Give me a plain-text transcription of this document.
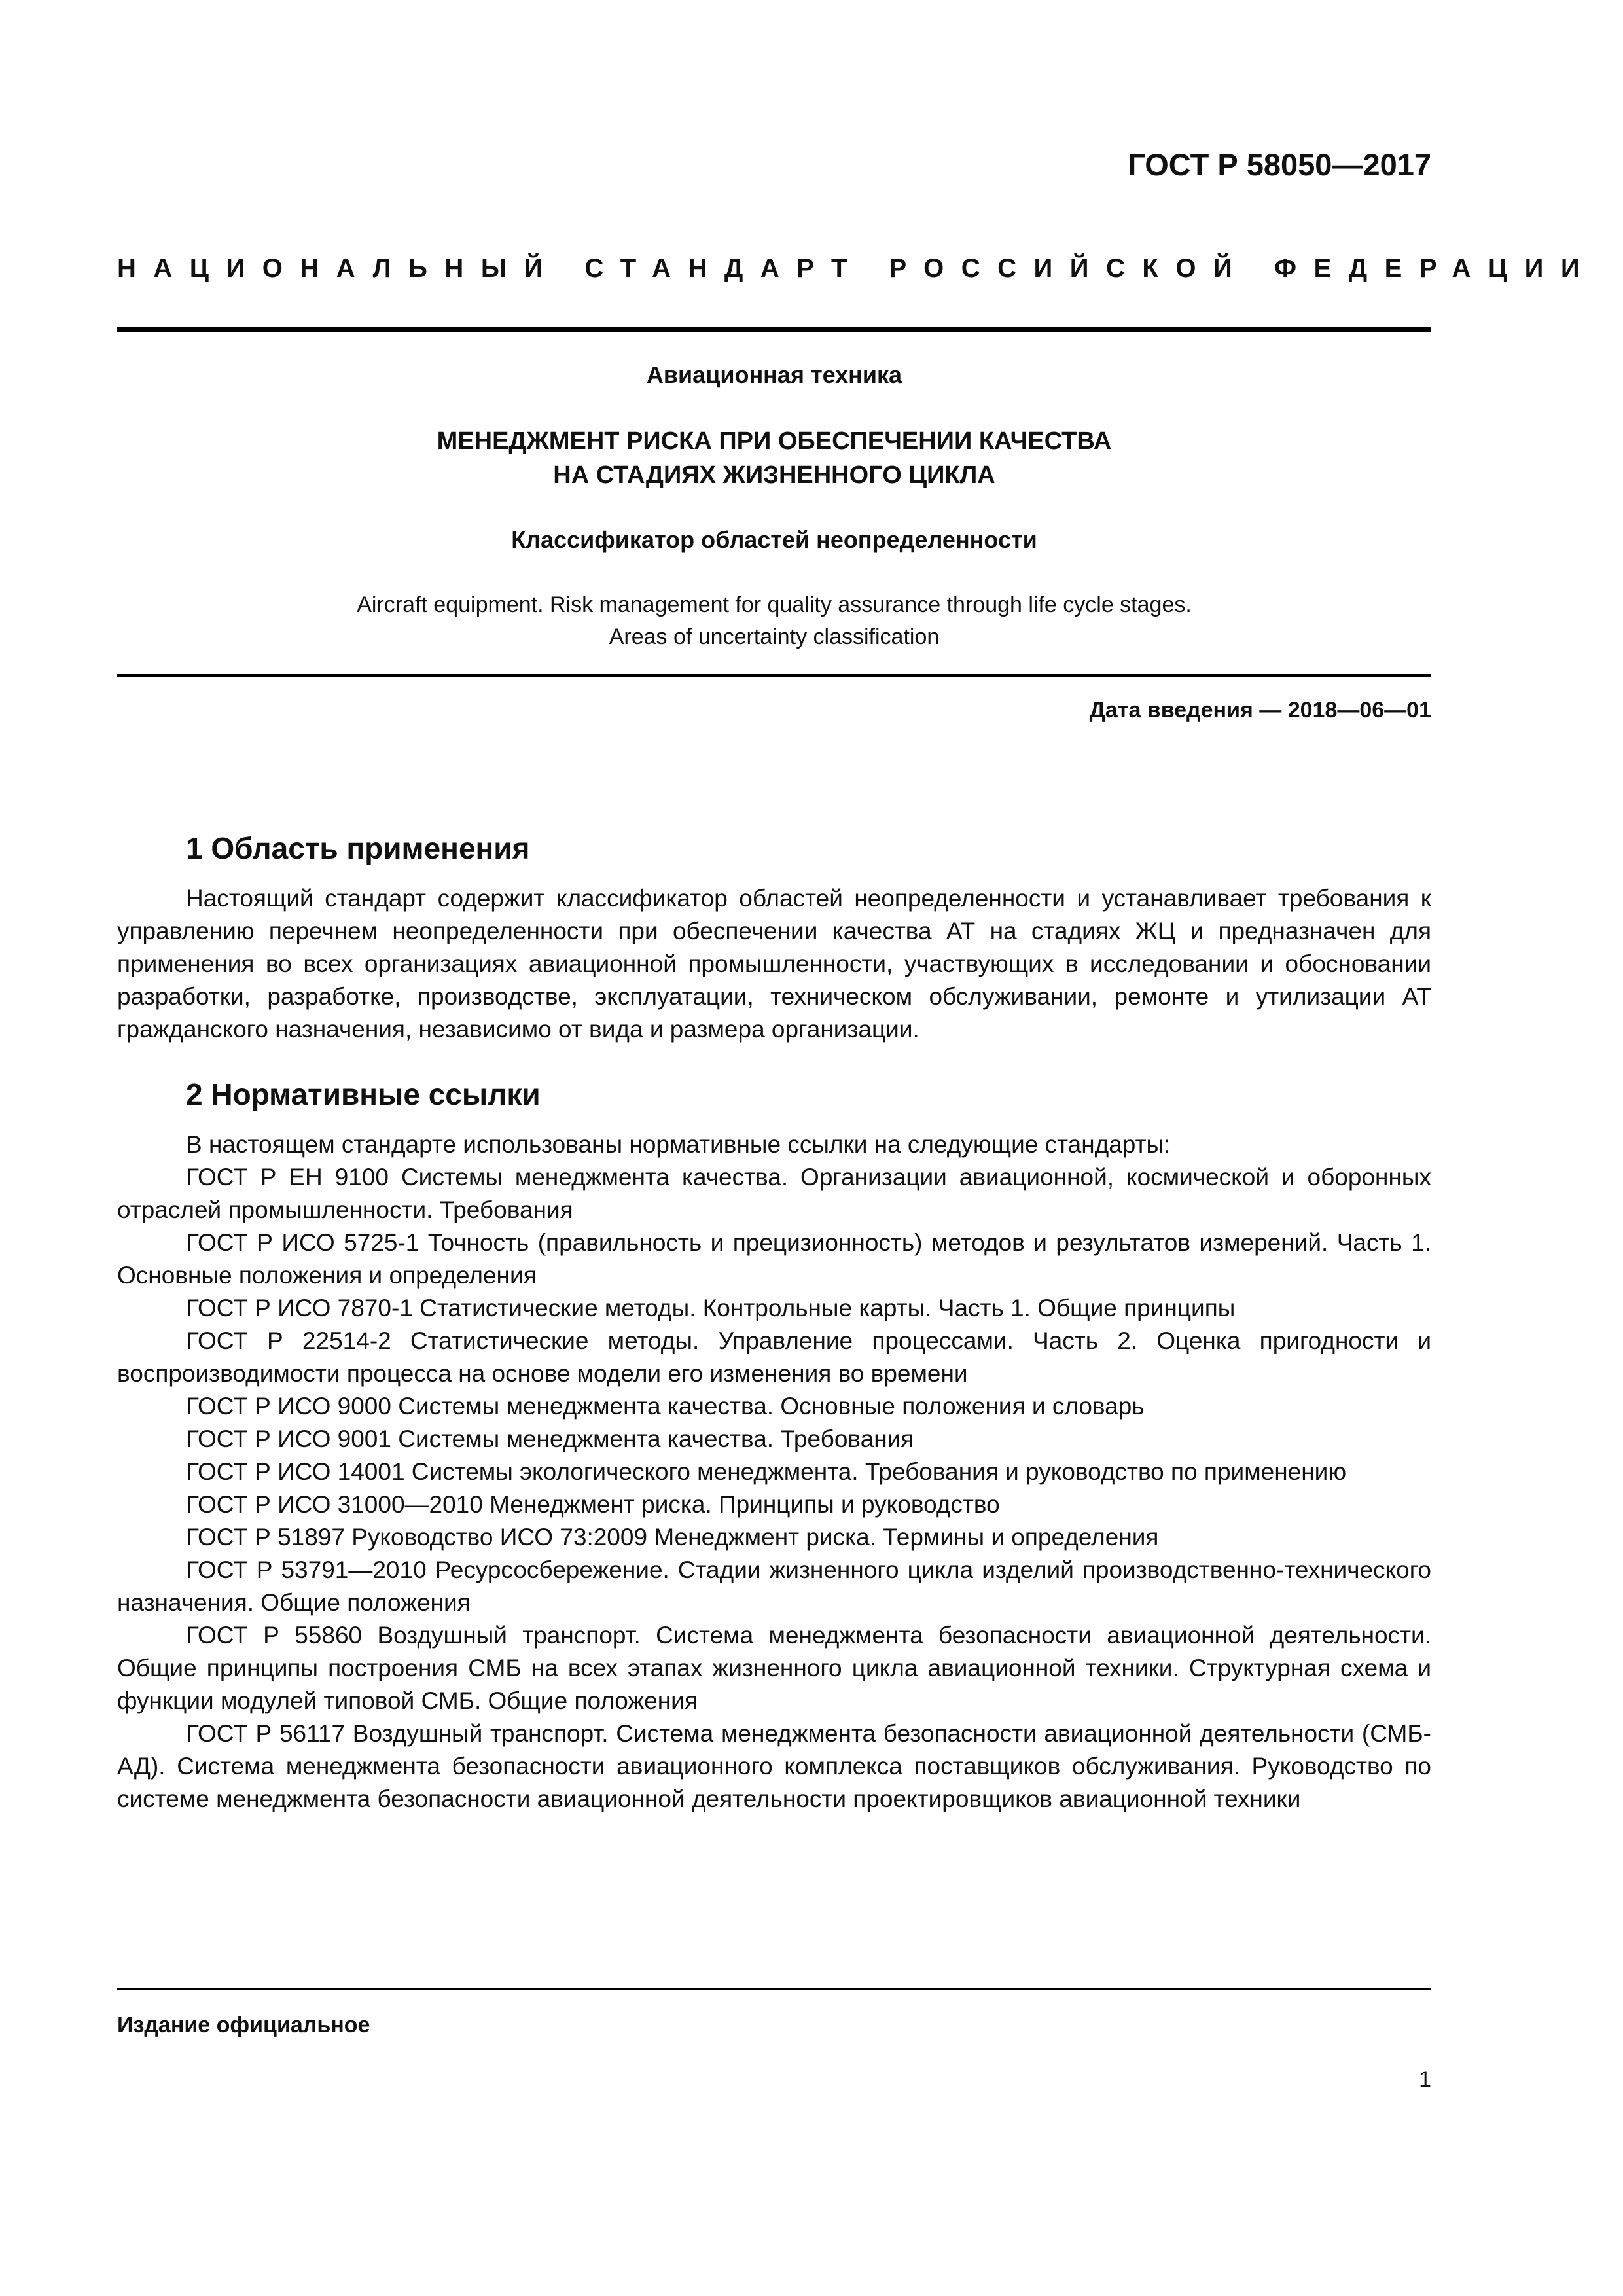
ГОСТ Р 58050—2017
НАЦИОНАЛЬНЫЙ СТАНДАРТ РОССИЙСКОЙ ФЕДЕРАЦИИ
Авиационная техника
МЕНЕДЖМЕНТ РИСКА ПРИ ОБЕСПЕЧЕНИИ КАЧЕСТВА
НА СТАДИЯХ ЖИЗНЕННОГО ЦИКЛА
Классификатор областей неопределенности
Aircraft equipment. Risk management for quality assurance through life cycle stages.
Areas of uncertainty classification
Дата введения — 2018—06—01
1 Область применения

Настоящий стандарт содержит классификатор областей неопределенности и устанавливает требования к управлению перечнем неопределенности при обеспечении качества АТ на стадиях ЖЦ и предназначен для применения во всех организациях авиационной промышленности, участвующих в исследовании и обосновании разработки, разработке, производстве, эксплуатации, техническом обслуживании, ремонте и утилизации АТ гражданского назначения, независимо от вида и размера организации.

2 Нормативные ссылки

В настоящем стандарте использованы нормативные ссылки на следующие стандарты:

ГОСТ Р ЕН 9100 Системы менеджмента качества. Организации авиационной, космической и оборонных отраслей промышленности. Требования
ГОСТ Р ИСО 5725-1 Точность (правильность и прецизионность) методов и результатов измерений. Часть 1. Основные положения и определения
ГОСТ Р ИСО 7870-1 Статистические методы. Контрольные карты. Часть 1. Общие принципы
ГОСТ Р 22514-2 Статистические методы. Управление процессами. Часть 2. Оценка пригодности и воспроизводимости процесса на основе модели его изменения во времени
ГОСТ Р ИСО 9000 Системы менеджмента качества. Основные положения и словарь
ГОСТ Р ИСО 9001 Системы менеджмента качества. Требования
ГОСТ Р ИСО 14001 Системы экологического менеджмента. Требования и руководство по применению
ГОСТ Р ИСО 31000—2010 Менеджмент риска. Принципы и руководство
ГОСТ Р 51897 Руководство ИСО 73:2009 Менеджмент риска. Термины и определения
ГОСТ Р 53791—2010 Ресурсосбережение. Стадии жизненного цикла изделий производственно-технического назначения. Общие положения
ГОСТ Р 55860 Воздушный транспорт. Система менеджмента безопасности авиационной деятельности. Общие принципы построения СМБ на всех этапах жизненного цикла авиационной техники. Структурная схема и функции модулей типовой СМБ. Общие положения
ГОСТ Р 56117 Воздушный транспорт. Система менеджмента безопасности авиационной деятельности (СМБ-АД). Система менеджмента безопасности авиационного комплекса поставщиков обслуживания. Руководство по системе менеджмента безопасности авиационной деятельности проектировщиков авиационной техники
Издание официальное
1
